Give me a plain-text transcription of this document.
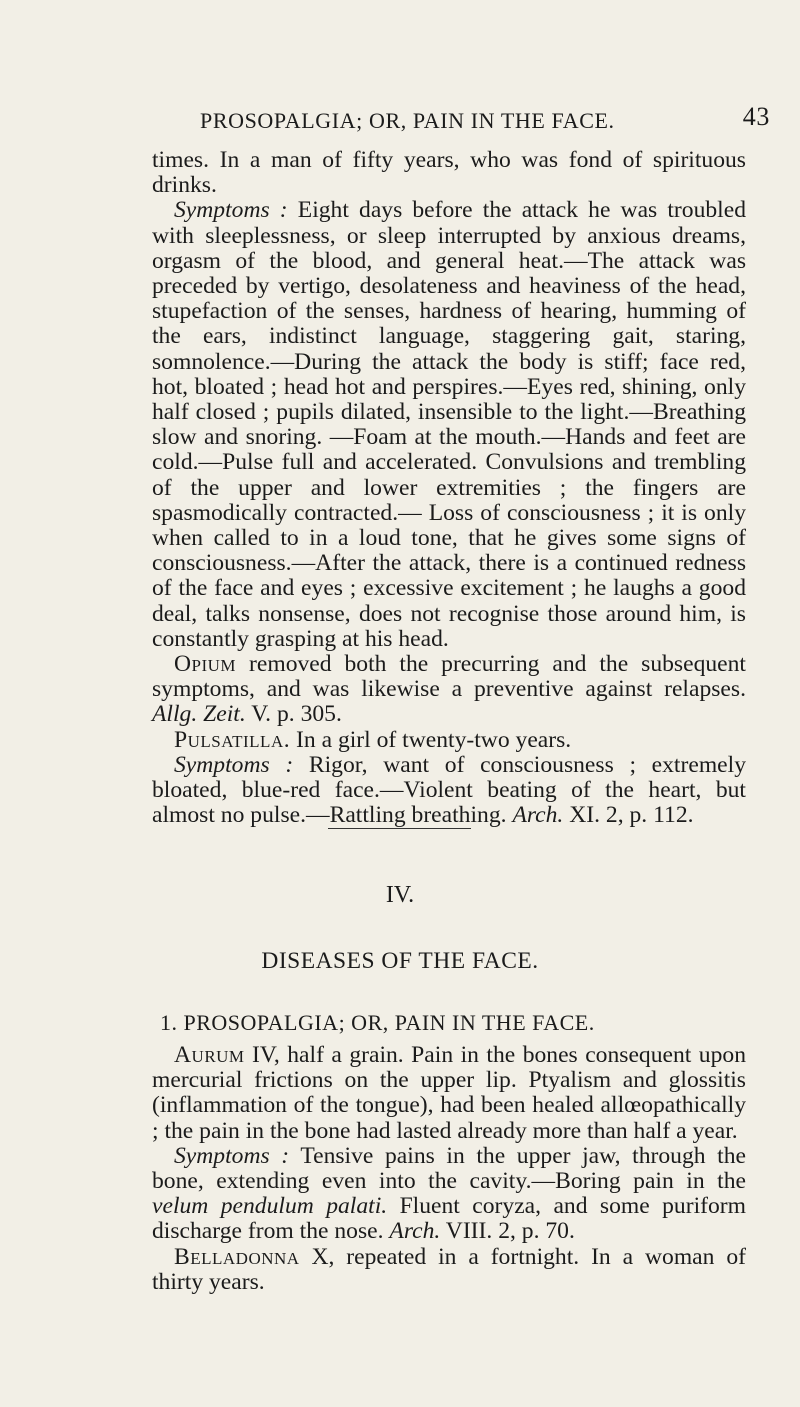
PROSOPALGIA; OR, PAIN IN THE FACE.	43

times. In a man of fifty years, who was fond of spirituous drinks.

Symptoms : Eight days before the attack he was troubled with sleeplessness, or sleep interrupted by anxious dreams, orgasm of the blood, and general heat.—The attack was preceded by vertigo, desolateness and heaviness of the head, stupefaction of the senses, hardness of hearing, humming of the ears, indistinct language, staggering gait, staring, somnolence.—During the attack the body is stiff; face red, hot, bloated ; head hot and perspires.—Eyes red, shining, only half closed ; pupils dilated, insensible to the light.—Breathing slow and snoring. —Foam at the mouth.—Hands and feet are cold.—Pulse full and accelerated. Convulsions and trembling of the upper and lower extremities ; the fingers are spasmodically contracted.— Loss of consciousness ; it is only when called to in a loud tone, that he gives some signs of consciousness.—After the attack, there is a continued redness of the face and eyes ; excessive excitement ; he laughs a good deal, talks nonsense, does not recognise those around him, is constantly grasping at his head.

Opium removed both the precurring and the subsequent symptoms, and was likewise a preventive against relapses. Allg. Zeit. V. p. 305.

Pulsatilla. In a girl of twenty-two years.

Symptoms : Rigor, want of consciousness ; extremely bloated, blue-red face.—Violent beating of the heart, but almost no pulse.—Rattling breathing. Arch. XI. 2, p. 112.

IV.
DISEASES OF THE FACE.
1. PROSOPALGIA; OR, PAIN IN THE FACE.

Aurum IV, half a grain. Pain in the bones consequent upon mercurial frictions on the upper lip. Ptyalism and glossitis (inflammation of the tongue), had been healed allœopathically ; the pain in the bone had lasted already more than half a year.

Symptoms : Tensive pains in the upper jaw, through the bone, extending even into the cavity.—Boring pain in the velum pendulum palati. Fluent coryza, and some puriform discharge from the nose. Arch. VIII. 2, p. 70.

Belladonna X, repeated in a fortnight. In a woman of thirty years.
